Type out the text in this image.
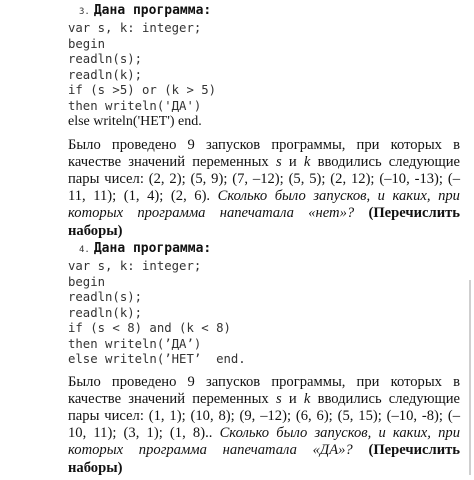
3. Дана программа:
var s, k: integer;
begin
readln(s);
readln(k);
if (s >5) or (k > 5)
then writeln('ДА')
else writeln('НЕТ') end.

Было проведено 9 запусков программы, при которых в качестве значений переменных s и k вводились следующие пары чисел: (2, 2); (5, 9); (7, –12); (5, 5); (2, 12); (–10, -13); (–11, 11); (1, 4); (2, 6). Сколько было запусков, и каких, при которых программа напечатала «нет»? (Перечислить наборы)

4. Дана программа:
var s, k: integer;
begin
readln(s);
readln(k);
if (s < 8) and (k < 8)
then writeln(’ДА’)
else writeln(’НЕТ’  end.

Было проведено 9 запусков программы, при которых в качестве значений переменных s и k вводились следующие пары чисел: (1, 1); (10, 8); (9, –12); (6, 6); (5, 15); (–10, -8); (–10, 11); (3, 1); (1, 8).. Сколько было запусков, и каких, при которых программа напечатала «ДА»? (Перечислить наборы)
